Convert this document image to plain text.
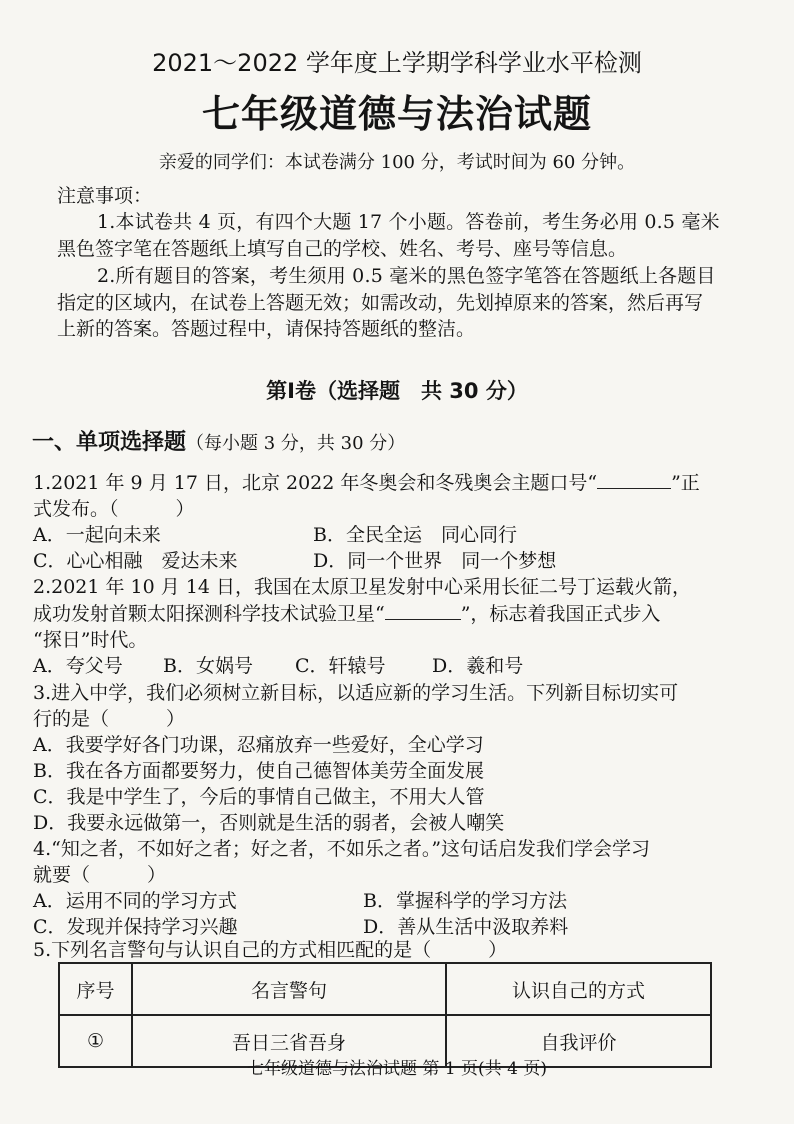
2021～2022 学年度上学期学科学业水平检测
七年级道德与法治试题
亲爱的同学们：本试卷满分 100 分，考试时间为 60 分钟。
注意事项：
1.本试卷共 4 页，有四个大题 17 个小题。答卷前，考生务必用 0.5 毫米
黑色签字笔在答题纸上填写自己的学校、姓名、考号、座号等信息。
2.所有题目的答案，考生须用 0.5 毫米的黑色签字笔答在答题纸上各题目
指定的区域内，在试卷上答题无效；如需改动，先划掉原来的答案，然后再写
上新的答案。答题过程中，请保持答题纸的整洁。
第Ⅰ卷（选择题　共 30 分）
一、单项选择题（每小题 3 分，共 30 分）
1.2021 年 9 月 17 日，北京 2022 年冬奥会和冬残奥会主题口号“	”正
式发布。（　　　）
A．一起向未来	B．全民全运　同心同行
C．心心相融　爱达未来	D．同一个世界　同一个梦想
2.2021 年 10 月 14 日，我国在太原卫星发射中心采用长征二号丁运载火箭，
成功发射首颗太阳探测科学技术试验卫星“	”，标志着我国正式步入
“探日”时代。
A．夸父号 B．女娲号 C．轩辕号 D．羲和号
3.进入中学，我们必须树立新目标，以适应新的学习生活。下列新目标切实可
行的是（　　　）
A．我要学好各门功课，忍痛放弃一些爱好，全心学习
B．我在各方面都要努力，使自己德智体美劳全面发展
C．我是中学生了，今后的事情自己做主，不用大人管
D．我要永远做第一，否则就是生活的弱者，会被人嘲笑
4.“知之者，不如好之者；好之者，不如乐之者。”这句话启发我们学会学习
就要（　　　）
A．运用不同的学习方式	B．掌握科学的学习方法
C．发现并保持学习兴趣	D．善从生活中汲取养料
5.下列名言警句与认识自己的方式相匹配的是（　　　）
序号	名言警句	认识自己的方式
①	吾日三省吾身	自我评价
七年级道德与法治试题 第 1 页(共 4 页)
